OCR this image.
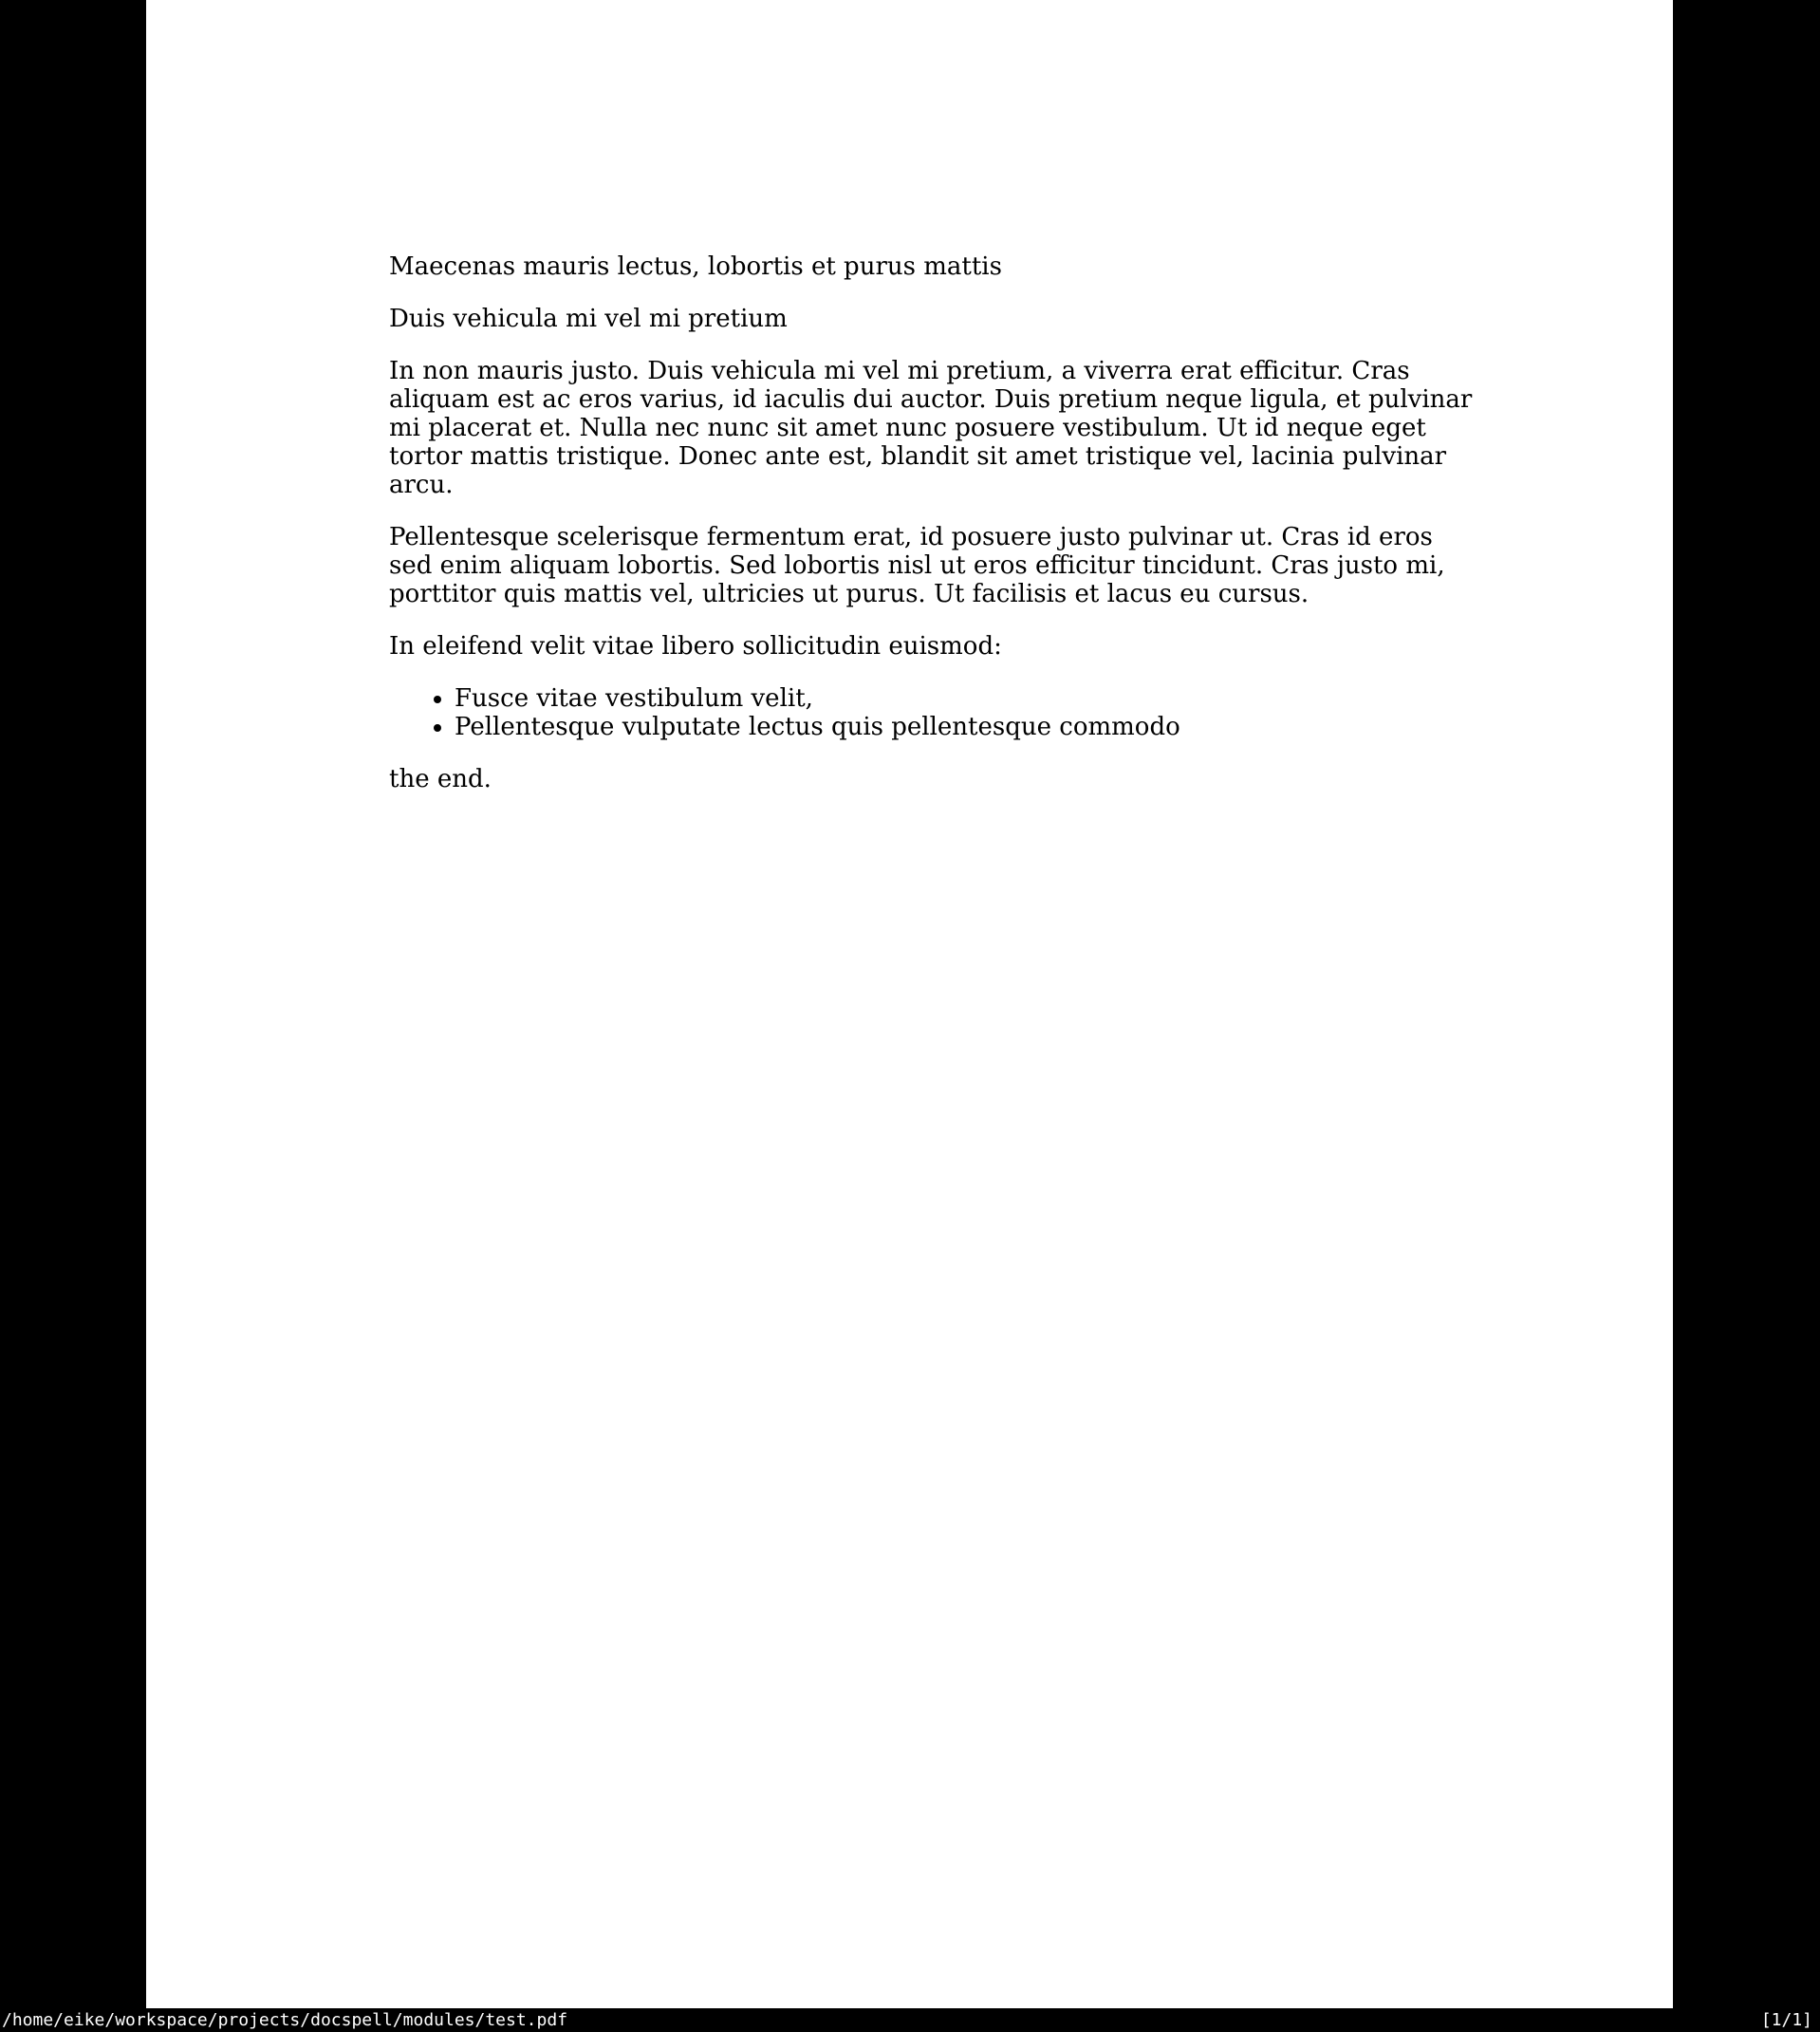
Maecenas mauris lectus, lobortis et purus mattis
Duis vehicula mi vel mi pretium
In non mauris justo. Duis vehicula mi vel mi pretium, a viverra erat efficitur. Cras
aliquam est ac eros varius, id iaculis dui auctor. Duis pretium neque ligula, et pulvinar
mi placerat et. Nulla nec nunc sit amet nunc posuere vestibulum. Ut id neque eget
tortor mattis tristique. Donec ante est, blandit sit amet tristique vel, lacinia pulvinar
arcu.
Pellentesque scelerisque fermentum erat, id posuere justo pulvinar ut. Cras id eros
sed enim aliquam lobortis. Sed lobortis nisl ut eros efficitur tincidunt. Cras justo mi,
porttitor quis mattis vel, ultricies ut purus. Ut facilisis et lacus eu cursus.
In eleifend velit vitae libero sollicitudin euismod:
• Fusce vitae vestibulum velit,
• Pellentesque vulputate lectus quis pellentesque commodo
the end.
/home/eike/workspace/projects/docspell/modules/test.pdf	[1/1]
